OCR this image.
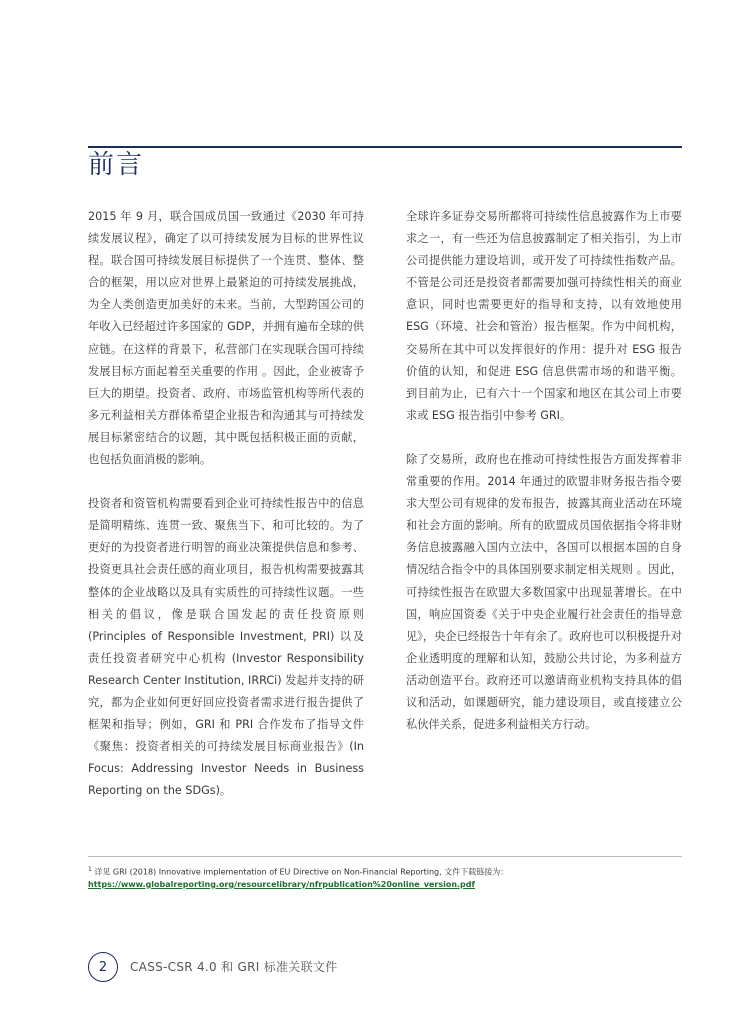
前言

2015 年 9 月，联合国成员国一致通过《2030 年可持续发展议程》，确定了以可持续发展为目标的世界性议程。联合国可持续发展目标提供了一个连贯、整体、整合的框架，用以应对世界上最紧迫的可持续发展挑战，为全人类创造更加美好的未来。当前，大型跨国公司的年收入已经超过许多国家的 GDP，并拥有遍布全球的供应链。在这样的背景下，私营部门在实现联合国可持续发展目标方面起着至关重要的作用 。因此，企业被寄予巨大的期望。投资者、政府、市场监管机构等所代表的多元利益相关方群体希望企业报告和沟通其与可持续发展目标紧密结合的议题，其中既包括积极正面的贡献，也包括负面消极的影响。

投资者和资管机构需要看到企业可持续性报告中的信息是简明精练、连贯一致、聚焦当下、和可比较的。为了更好的为投资者进行明智的商业决策提供信息和参考、投资更具社会责任感的商业项目，报告机构需要披露其整体的企业战略以及具有实质性的可持续性议题。一些相关的倡议，像是联合国发起的责任投资原则 (Principles of Responsible Investment, PRI) 以及责任投资者研究中心机构 (Investor Responsibility Research Center Institution, IRRCi) 发起并支持的研究，都为企业如何更好回应投资者需求进行报告提供了框架和指导；例如，GRI 和 PRI 合作发布了指导文件《聚焦：投资者相关的可持续发展目标商业报告》(In Focus: Addressing Investor Needs in Business Reporting on the SDGs)。

全球许多证券交易所都将可持续性信息披露作为上市要求之一，有一些还为信息披露制定了相关指引，为上市公司提供能力建设培训，或开发了可持续性指数产品。不管是公司还是投资者都需要加强可持续性相关的商业意识，同时也需要更好的指导和支持，以有效地使用 ESG（环境、社会和管治）报告框架。作为中间机构，交易所在其中可以发挥很好的作用：提升对 ESG 报告价值的认知，和促进 ESG 信息供需市场的和谐平衡。到目前为止，已有六十一个国家和地区在其公司上市要求或 ESG 报告指引中参考 GRI。

除了交易所，政府也在推动可持续性报告方面发挥着非常重要的作用。2014 年通过的欧盟非财务报告指令要求大型公司有规律的发布报告，披露其商业活动在环境和社会方面的影响。所有的欧盟成员国依据指令将非财务信息披露融入国内立法中，各国可以根据本国的自身情况结合指令中的具体国别要求制定相关规则 。因此，可持续性报告在欧盟大多数国家中出现显著增长。在中国，响应国资委《关于中央企业履行社会责任的指导意见》，央企已经报告十年有余了。政府也可以积极提升对企业透明度的理解和认知，鼓励公共讨论，为多利益方活动创造平台。政府还可以邀请商业机构支持具体的倡议和活动，如课题研究，能力建设项目，或直接建立公私伙伴关系，促进多利益相关方行动。

$^1$ 详见 GRI (2018) Innovative implementation of EU Directive on Non-Financial Reporting, 文件下载链接为：
https://www.globalreporting.org/resourcelibrary/nfrpublication%20online_version.pdf
2	CASS-CSR 4.0 和 GRI 标准关联文件
